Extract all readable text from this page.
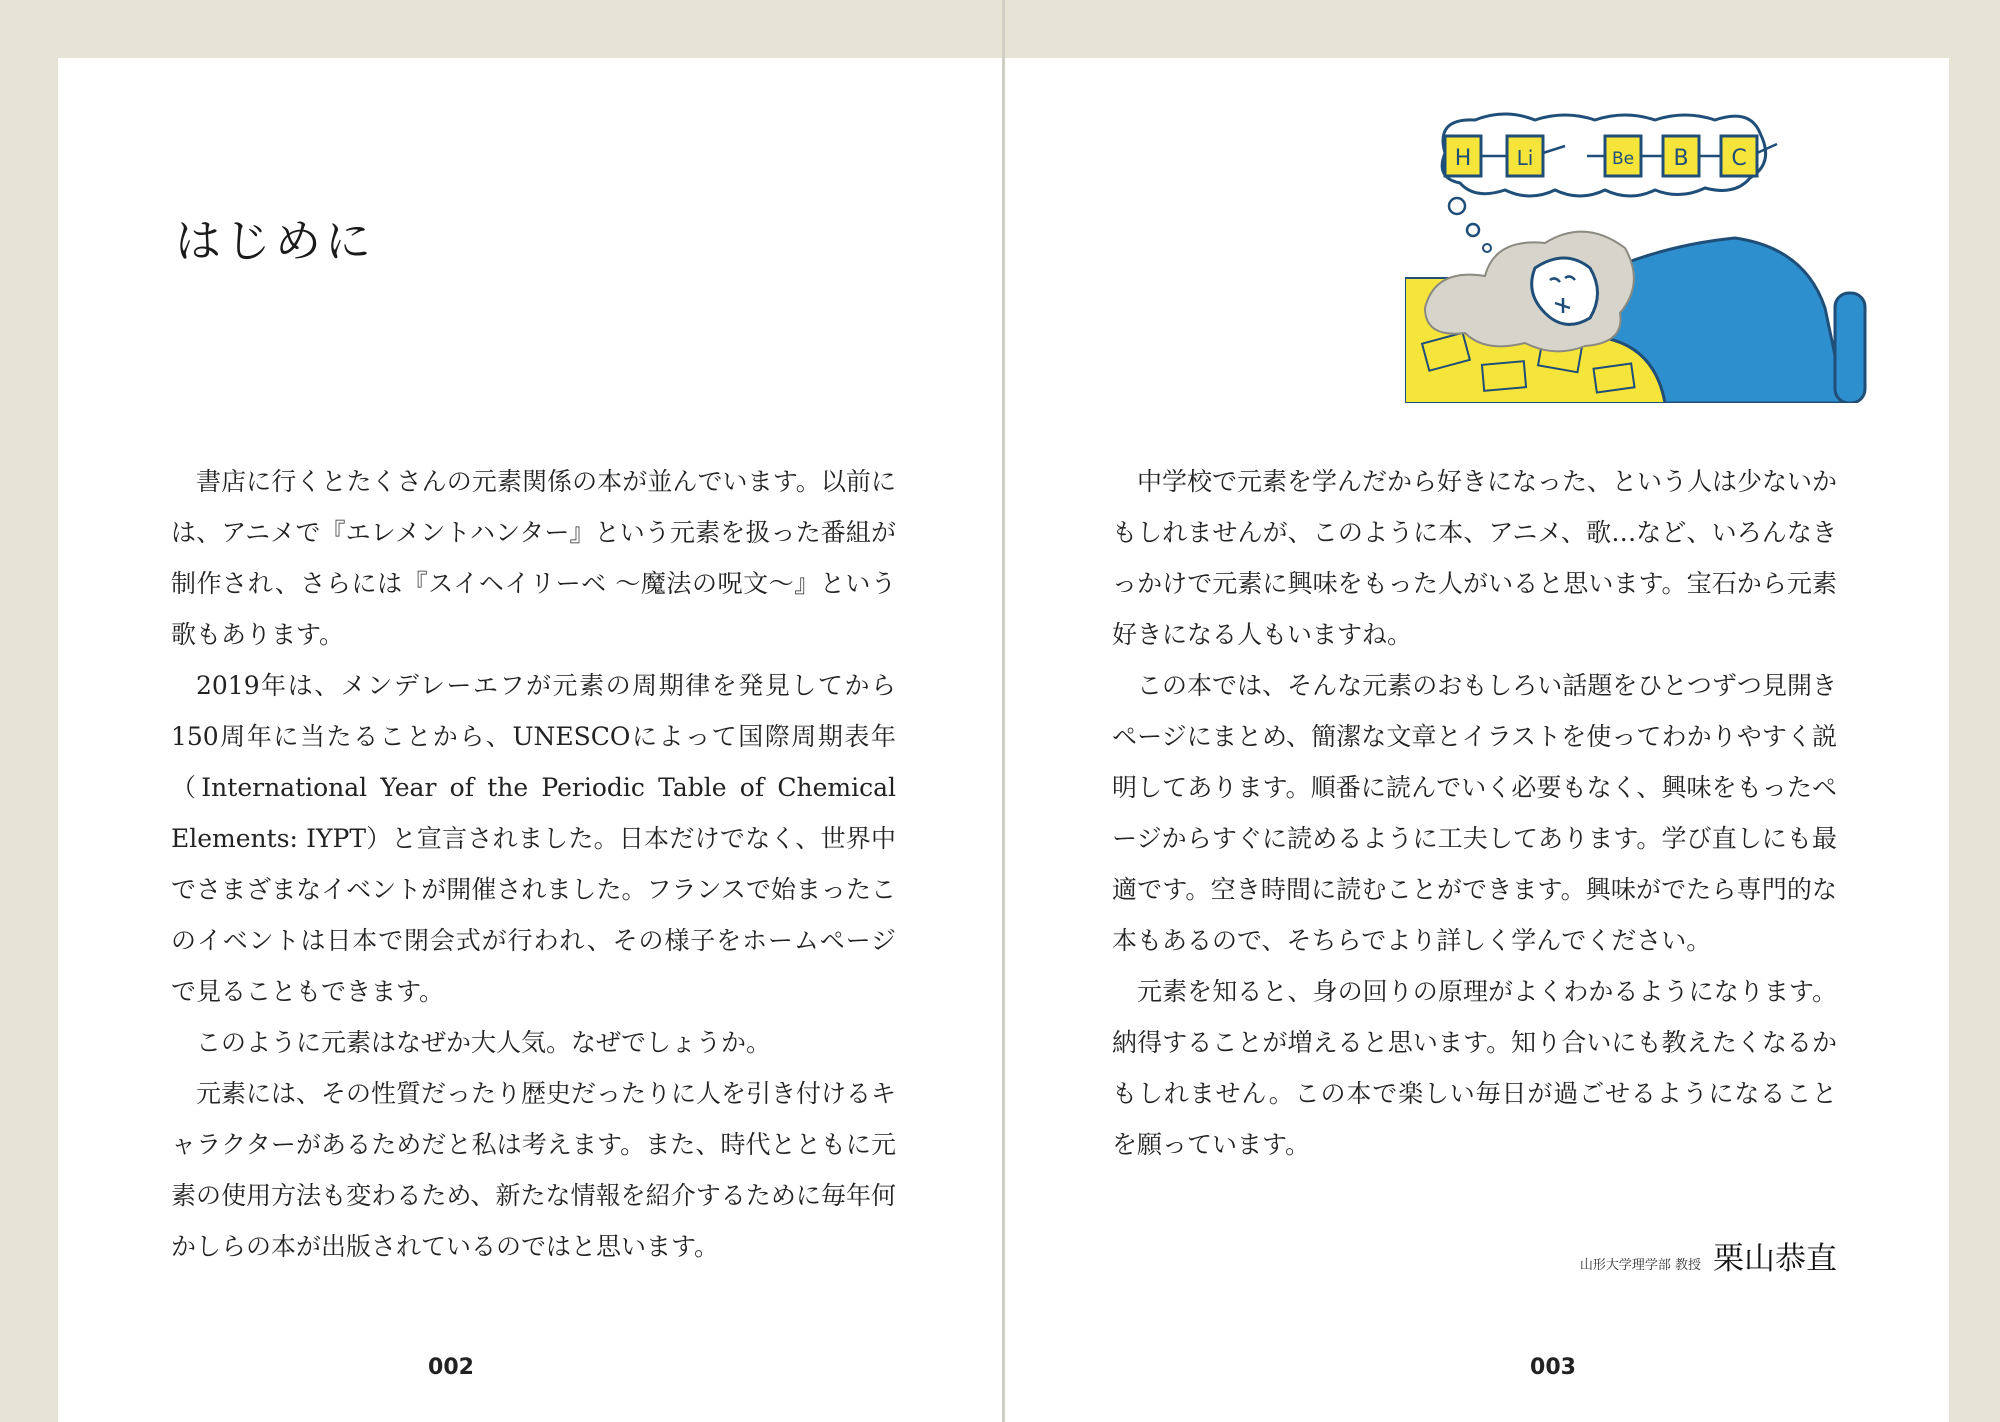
はじめに

書店に行くとたくさんの元素関係の本が並んでいます。以前には、アニメで『エレメントハンター』という元素を扱った番組が制作され、さらには『スイヘイリーベ ～魔法の呪文～』という歌もあります。

2019年は、メンデレーエフが元素の周期律を発見してから150周年に当たることから、UNESCOによって国際周期表年（International Year of the Periodic Table of Chemical Elements: IYPT）と宣言されました。日本だけでなく、世界中でさまざまなイベントが開催されました。フランスで始まったこのイベントは日本で閉会式が行われ、その様子をホームページで見ることもできます。

このように元素はなぜか大人気。なぜでしょうか。

元素には、その性質だったり歴史だったりに人を引き付けるキャラクターがあるためだと私は考えます。また、時代とともに元素の使用方法も変わるため、新たな情報を紹介するために毎年何かしらの本が出版されているのではと思います。

002
H Li	Be B C

中学校で元素を学んだから好きになった、という人は少ないかもしれませんが、このように本、アニメ、歌…など、いろんなきっかけで元素に興味をもった人がいると思います。宝石から元素好きになる人もいますね。

この本では、そんな元素のおもしろい話題をひとつずつ見開きページにまとめ、簡潔な文章とイラストを使ってわかりやすく説明してあります。順番に読んでいく必要もなく、興味をもったページからすぐに読めるように工夫してあります。学び直しにも最適です。空き時間に読むことができます。興味がでたら専門的な本もあるので、そちらでより詳しく学んでください。

元素を知ると、身の回りの原理がよくわかるようになります。納得することが増えると思います。知り合いにも教えたくなるかもしれません。この本で楽しい毎日が過ごせるようになることを願っています。

山形大学理学部 教授 栗山恭直
003
